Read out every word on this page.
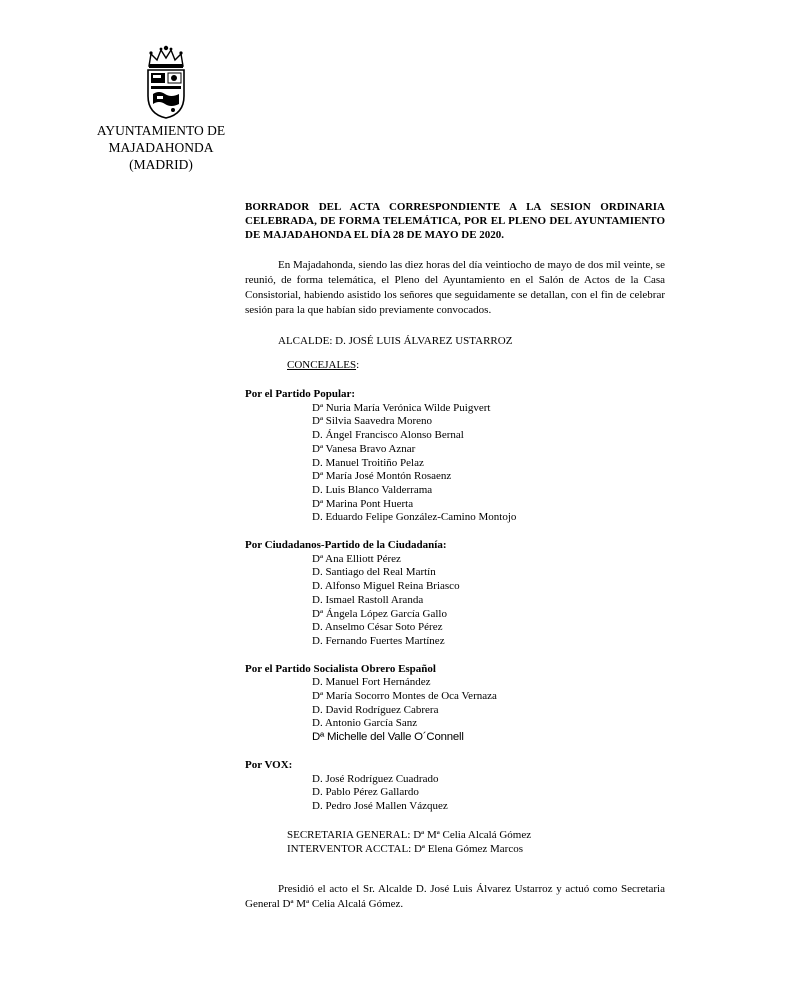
AYUNTAMIENTO DE
MAJADAHONDA
(MADRID)

BORRADOR DEL ACTA CORRESPONDIENTE A LA SESION ORDINARIA CELEBRADA, DE FORMA TELEMÁTICA, POR EL PLENO DEL AYUNTAMIENTO DE MAJADAHONDA EL DÍA 28 DE MAYO DE 2020.

En Majadahonda, siendo las diez horas del día veintiocho de mayo de dos mil veinte, se reunió, de forma telemática, el Pleno del Ayuntamiento en el Salón de Actos de la Casa Consistorial, habiendo asistido los señores que seguidamente se detallan, con el fin de celebrar sesión para la que habían sido previamente convocados.

ALCALDE: D. JOSÉ LUIS ÁLVAREZ USTARROZ
CONCEJALES:
Por el Partido Popular:
Dª Nuria María Verónica Wilde Puigvert
Dª Silvia Saavedra Moreno
D. Ángel Francisco Alonso Bernal
Dª Vanesa Bravo Aznar
D. Manuel Troitiño Pelaz
Dª María José Montón Rosaenz
D. Luis Blanco Valderrama
Dª Marina Pont Huerta
D. Eduardo Felipe González-Camino Montojo
Por Ciudadanos-Partido de la Ciudadanía:
Dª Ana Elliott Pérez
D. Santiago del Real Martín
D. Alfonso Miguel Reina Briasco
D. Ismael Rastoll Aranda
Dª Ángela López García Gallo
D. Anselmo César Soto Pérez
D. Fernando Fuertes Martínez
Por el Partido Socialista Obrero Español
D. Manuel Fort Hernández
Dª María Socorro Montes de Oca Vernaza
D. David Rodríguez Cabrera
D. Antonio García Sanz
Dª Michelle del Valle O´Connell
Por VOX:
D. José Rodríguez Cuadrado
D. Pablo Pérez Gallardo
D. Pedro José Mallen Vázquez
SECRETARIA GENERAL: Dª Mª Celia Alcalá Gómez
INTERVENTOR ACCTAL: Dª Elena Gómez Marcos

Presidió el acto el Sr. Alcalde D. José Luis Álvarez Ustarroz y actuó como Secretaria General Dª Mª Celia Alcalá Gómez.
